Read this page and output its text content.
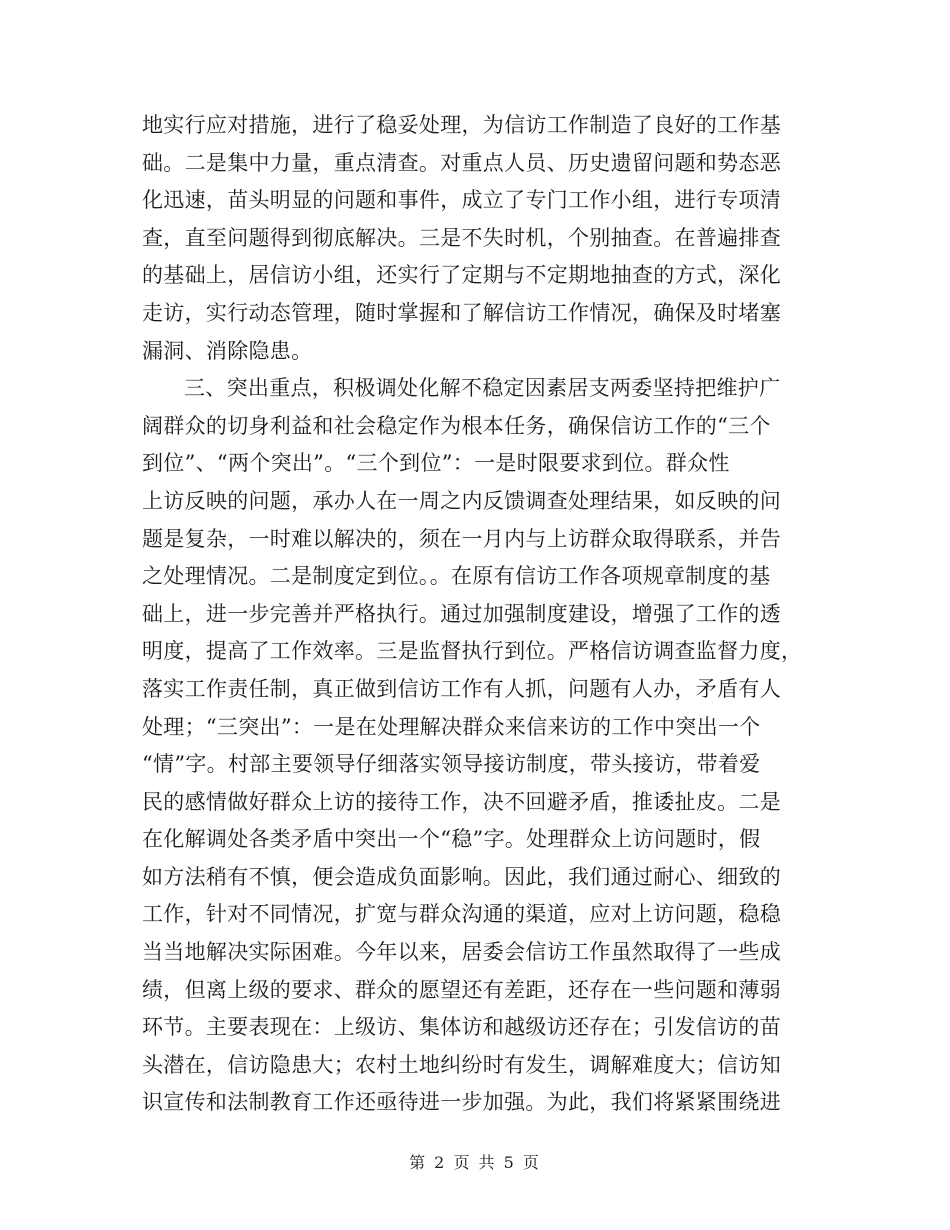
地实行应对措施，进行了稳妥处理，为信访工作制造了良好的工作基
础。二是集中力量，重点清查。对重点人员、历史遗留问题和势态恶
化迅速，苗头明显的问题和事件，成立了专门工作小组，进行专项清
查，直至问题得到彻底解决。三是不失时机，个别抽查。在普遍排查
的基础上，居信访小组，还实行了定期与不定期地抽查的方式，深化
走访，实行动态管理，随时掌握和了解信访工作情况，确保及时堵塞
漏洞、消除隐患。
三、突出重点，积极调处化解不稳定因素居支两委坚持把维护广
阔群众的切身利益和社会稳定作为根本任务，确保信访工作的“三个
到位”、“两个突出”。“三个到位”：一是时限要求到位。群众性
上访反映的问题，承办人在一周之内反馈调查处理结果，如反映的问
题是复杂，一时难以解决的，须在一月内与上访群众取得联系，并告
之处理情况。二是制度定到位。。在原有信访工作各项规章制度的基
础上，进一步完善并严格执行。通过加强制度建设，增强了工作的透
明度，提高了工作效率。三是监督执行到位。严格信访调查监督力度，
落实工作责任制，真正做到信访工作有人抓，问题有人办，矛盾有人
处理；“三突出”：一是在处理解决群众来信来访的工作中突出一个
“情”字。村部主要领导仔细落实领导接访制度，带头接访，带着爱
民的感情做好群众上访的接待工作，决不回避矛盾，推诿扯皮。二是
在化解调处各类矛盾中突出一个“稳”字。处理群众上访问题时，假
如方法稍有不慎，便会造成负面影响。因此，我们通过耐心、细致的
工作，针对不同情况，扩宽与群众沟通的渠道，应对上访问题，稳稳
当当地解决实际困难。今年以来，居委会信访工作虽然取得了一些成
绩，但离上级的要求、群众的愿望还有差距，还存在一些问题和薄弱
环节。主要表现在：上级访、集体访和越级访还存在；引发信访的苗
头潜在，信访隐患大；农村土地纠纷时有发生，调解难度大；信访知
识宣传和法制教育工作还亟待进一步加强。为此，我们将紧紧围绕进
第 2 页 共 5 页
